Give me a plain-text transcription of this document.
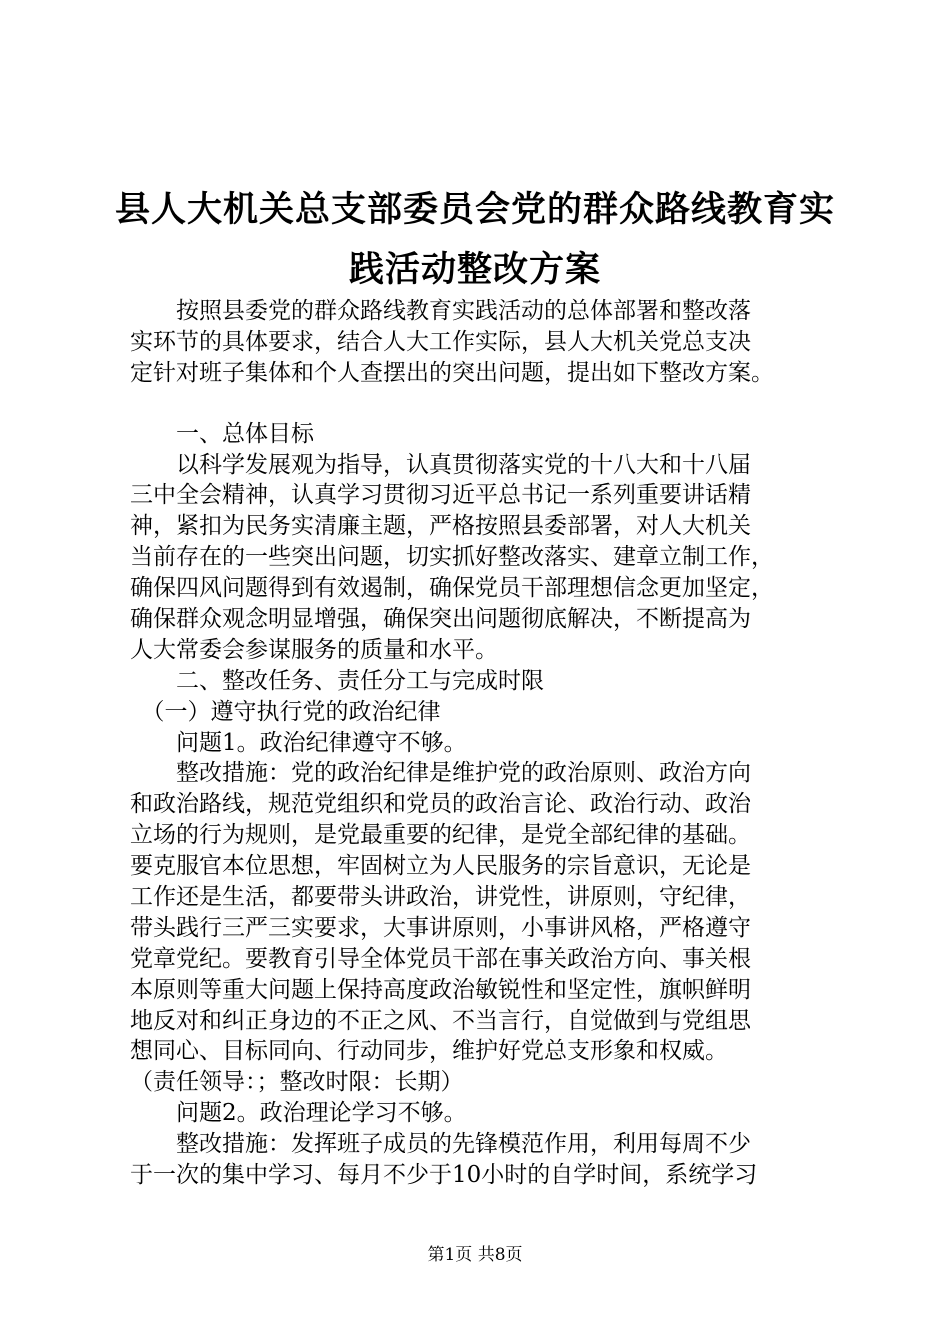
县人大机关总支部委员会党的群众路线教育实
践活动整改方案
　　按照县委党的群众路线教育实践活动的总体部署和整改落
实环节的具体要求，结合人大工作实际，县人大机关党总支决
定针对班子集体和个人查摆出的突出问题，提出如下整改方案。
　　一、总体目标
　　以科学发展观为指导，认真贯彻落实党的十八大和十八届
三中全会精神，认真学习贯彻习近平总书记一系列重要讲话精
神，紧扣为民务实清廉主题，严格按照县委部署，对人大机关
当前存在的一些突出问题，切实抓好整改落实、建章立制工作，
确保四风问题得到有效遏制，确保党员干部理想信念更加坚定，
确保群众观念明显增强，确保突出问题彻底解决，不断提高为
人大常委会参谋服务的质量和水平。
　　二、整改任务、责任分工与完成时限
　（一）遵守执行党的政治纪律
　　问题1。政治纪律遵守不够。
　　整改措施：党的政治纪律是维护党的政治原则、政治方向
和政治路线，规范党组织和党员的政治言论、政治行动、政治
立场的行为规则，是党最重要的纪律，是党全部纪律的基础。
要克服官本位思想，牢固树立为人民服务的宗旨意识，无论是
工作还是生活，都要带头讲政治，讲党性，讲原则，守纪律，
带头践行三严三实要求，大事讲原则，小事讲风格，严格遵守
党章党纪。要教育引导全体党员干部在事关政治方向、事关根
本原则等重大问题上保持高度政治敏锐性和坚定性，旗帜鲜明
地反对和纠正身边的不正之风、不当言行，自觉做到与党组思
想同心、目标同向、行动同步，维护好党总支形象和权威。
（责任领导：；整改时限：长期）
　　问题2。政治理论学习不够。
　　整改措施：发挥班子成员的先锋模范作用，利用每周不少
于一次的集中学习、每月不少于10小时的自学时间，系统学习
第1页 共8页
